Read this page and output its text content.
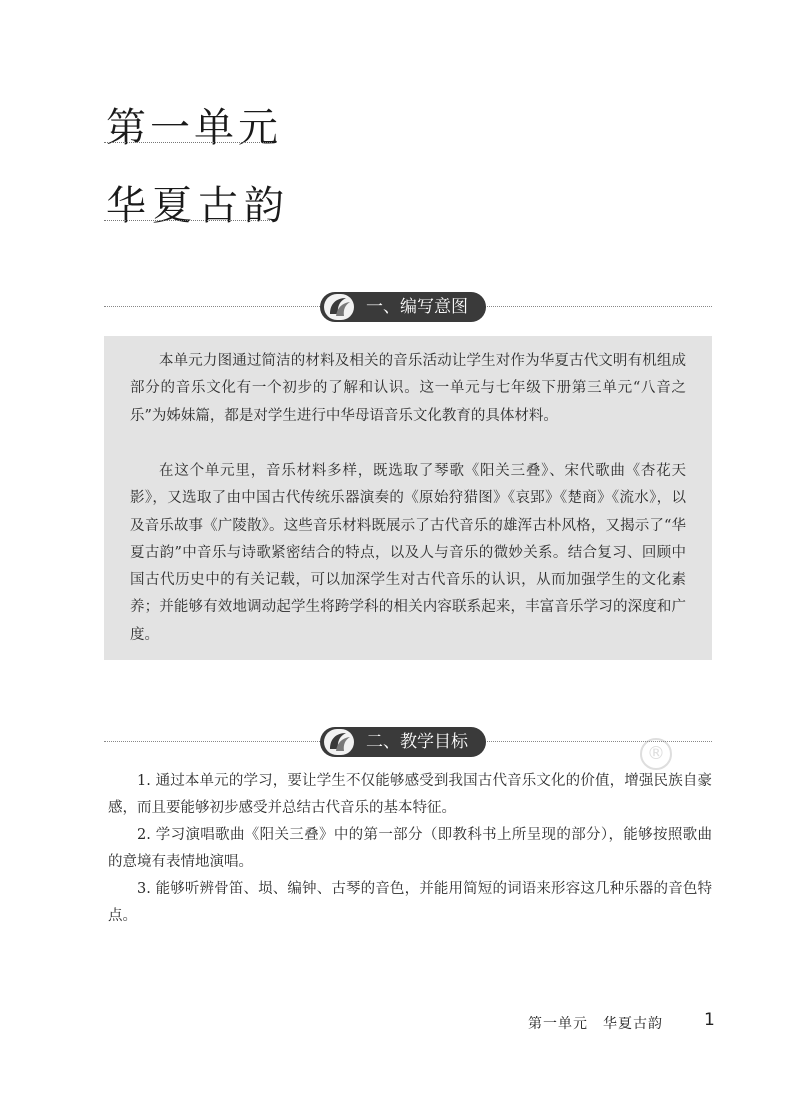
第一单元
华夏古韵
一、编写意图

本单元力图通过简洁的材料及相关的音乐活动让学生对作为华夏古代文明有机组成部分的音乐文化有一个初步的了解和认识。这一单元与七年级下册第三单元“八音之乐”为姊妹篇，都是对学生进行中华母语音乐文化教育的具体材料。

在这个单元里，音乐材料多样，既选取了琴歌《阳关三叠》、宋代歌曲《杏花天影》，又选取了由中国古代传统乐器演奏的《原始狩猎图》《哀郢》《楚商》《流水》，以及音乐故事《广陵散》。这些音乐材料既展示了古代音乐的雄浑古朴风格，又揭示了“华夏古韵”中音乐与诗歌紧密结合的特点，以及人与音乐的微妙关系。结合复习、回顾中国古代历史中的有关记载，可以加深学生对古代音乐的认识，从而加强学生的文化素养；并能够有效地调动起学生将跨学科的相关内容联系起来，丰富音乐学习的深度和广度。

®
二、教学目标

1. 通过本单元的学习，要让学生不仅能够感受到我国古代音乐文化的价值，增强民族自豪感，而且要能够初步感受并总结古代音乐的基本特征。

2. 学习演唱歌曲《阳关三叠》中的第一部分（即教科书上所呈现的部分），能够按照歌曲的意境有表情地演唱。

3. 能够听辨骨笛、埙、编钟、古琴的音色，并能用简短的词语来形容这几种乐器的音色特点。

第一单元　华夏古韵 1
